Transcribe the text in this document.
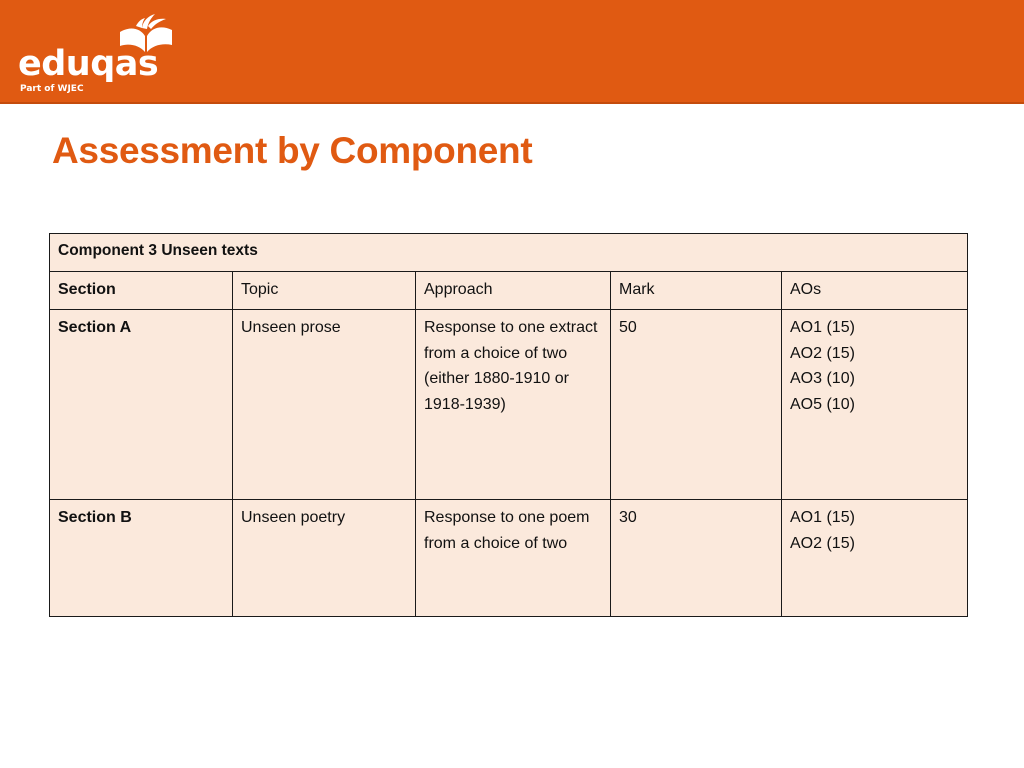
eduqas
Part of WJEC
Assessment by Component
Component 3 Unseen texts				
Section	Topic	Approach	Mark	AOs
Section A	Unseen prose	Response to one extract from a choice of two (either 1880-1910 or 1918-1939)	50	AO1 (15)
AO2 (15)
AO3 (10)
AO5 (10)

Section B	Unseen poetry	Response to one poem from a choice of two	30	AO1 (15)
AO2 (15)
